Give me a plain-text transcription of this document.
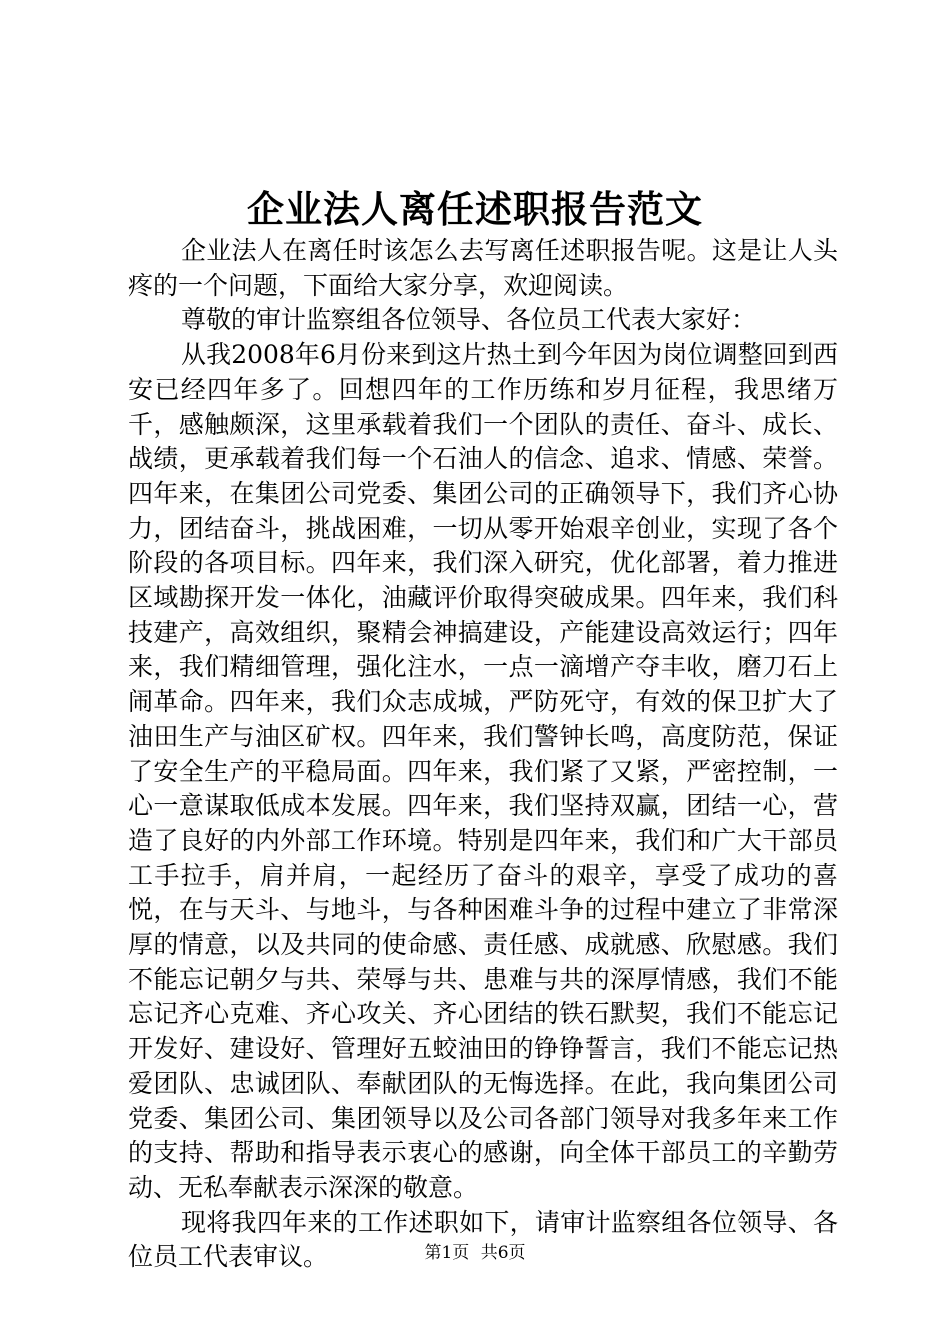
企业法人离任述职报告范文

企业法人在离任时该怎么去写离任述职报告呢。这是让人头疼的一个问题，下面给大家分享，欢迎阅读。

尊敬的审计监察组各位领导、各位员工代表大家好：

从我2008年6月份来到这片热土到今年因为岗位调整回到西安已经四年多了。回想四年的工作历练和岁月征程，我思绪万千，感触颇深，这里承载着我们一个团队的责任、奋斗、成长、战绩，更承载着我们每一个石油人的信念、追求、情感、荣誉。四年来，在集团公司党委、集团公司的正确领导下，我们齐心协力，团结奋斗，挑战困难，一切从零开始艰辛创业，实现了各个阶段的各项目标。四年来，我们深入研究，优化部署，着力推进区域勘探开发一体化，油藏评价取得突破成果。四年来，我们科技建产，高效组织，聚精会神搞建设，产能建设高效运行；四年来，我们精细管理，强化注水，一点一滴增产夺丰收，磨刀石上闹革命。四年来，我们众志成城，严防死守，有效的保卫扩大了油田生产与油区矿权。四年来，我们警钟长鸣，高度防范，保证了安全生产的平稳局面。四年来，我们紧了又紧，严密控制，一心一意谋取低成本发展。四年来，我们坚持双赢，团结一心，营造了良好的内外部工作环境。特别是四年来，我们和广大干部员工手拉手，肩并肩，一起经历了奋斗的艰辛，享受了成功的喜悦，在与天斗、与地斗，与各种困难斗争的过程中建立了非常深厚的情意，以及共同的使命感、责任感、成就感、欣慰感。我们不能忘记朝夕与共、荣辱与共、患难与共的深厚情感，我们不能忘记齐心克难、齐心攻关、齐心团结的铁石默契，我们不能忘记开发好、建设好、管理好五蛟油田的铮铮誓言，我们不能忘记热爱团队、忠诚团队、奉献团队的无悔选择。在此，我向集团公司党委、集团公司、集团领导以及公司各部门领导对我多年来工作的支持、帮助和指导表示衷心的感谢，向全体干部员工的辛勤劳动、无私奉献表示深深的敬意。

现将我四年来的工作述职如下，请审计监察组各位领导、各位员工代表审议。	第1页 共6页
